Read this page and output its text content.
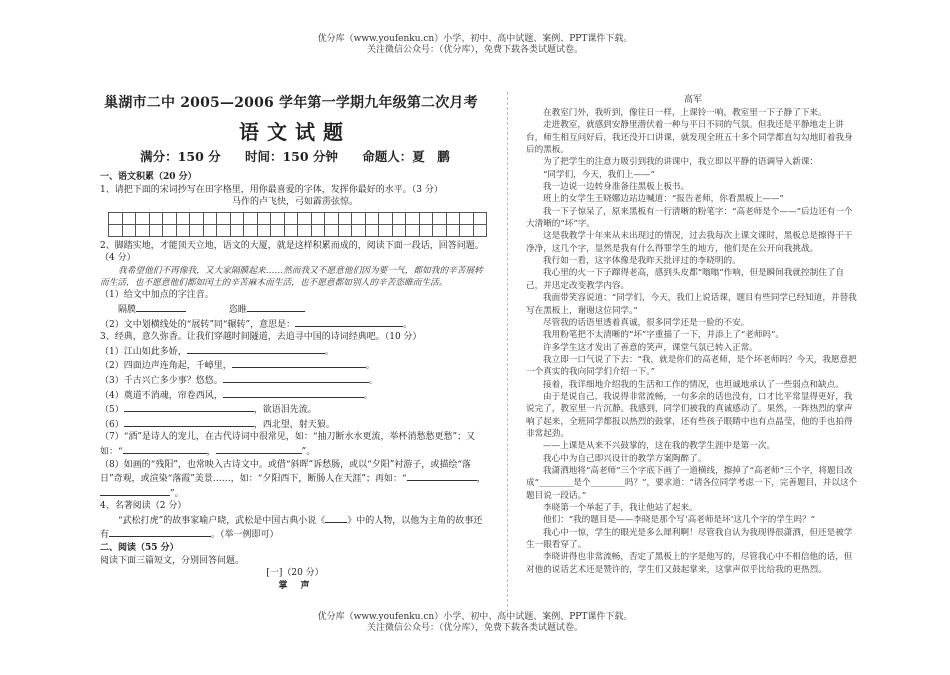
优分库（www.youfenku.cn）小学、初中、高中试题、案例、PPT课件下载。
关注微信公众号：（优分库），免费下载各类试题试卷。
巢湖市二中 2005—2006 学年第一学期九年级第二次月考
语文试题
满分：150 分 时间：150 分钟 命题人：夏　鹏

一、语文积累（20 分）

1、请把下面的宋词抄写在田字格里，用你最喜爱的字体，发挥你最好的水平。（3 分）

马作的卢飞快，弓如霹雳弦惊。

2、脚踏实地，才能顶天立地，语文的大厦，就是这样积累而成的，阅读下面一段话，回答问题。（4 分）

我希望他们不再像我，又大家隔膜起来……然而我又不愿意他们因为要一气，都如我的辛苦展转而生活，也不愿意他们都如闰土的辛苦麻木而生活，也不愿意都如别人的辛苦恣睢而生活。

（1）给文中加点的字注音。

隔膜	恣睢

（2）文中划横线处的“展转”同“辗转”，意思是：	。

3、经典，意久弥香。让我们穿越时间隧道，去追寻中国的诗词经典吧。（10 分）

（1）江山如此多娇，	。

（2）四面边声连角起，千嶂里，	。

（3）千古兴亡多少事？悠悠。	。

（4）奠道不消魂，帘卷西风，	。

（5）	，欲语泪先流。

（6）	，西北望，射天狼。

（7）“酒”是诗人的宠儿，在古代诗词中很常见，如：“抽刀断水水更流，举杯消愁愁更愁”；又如：“	，	”。

（8）如画的“残阳”，也常映入古诗文中。或借“斜晖”诉愁肠，或以“夕阳”衬游子，或描绘“落日”奇观，或渲染“落霞”美景……，如：“夕阳西下，断肠人在天涯”；再如：“	，”。

4、名著阅读（2 分）

“武松打虎”的故事家喻户晓，武松是中国古典小说《 》中的人物，以他为主角的故事还有	。（举一例即可）

二、阅读（55 分）

阅读下面三篇短文，分别回答问题。

[一]（20 分）

掌　声

高军

在教室门外，我听到，像往日一样，上课铃一响，教室里一下子静了下来。

走进教室，就感到安静里潜伏着一种与平日不同的气氛。但我还是平静地走上讲台，师生相互问好后，我还没开口讲课，就发现全班五十多个同学都直勾勾地盯着我身后的黑板。

为了把学生的注意力吸引到我的讲课中，我立即以平静的语调导入新课：

“同学们，今天，我们上——”

我一边说一边转身准备往黑板上板书。

班上的女学生王晓娜边站边喊道：“报告老师，你看黑板上——”

我一下子惊呆了，原来黑板有一行清晰的粉笔字：“高老师是个——”后边还有一个大清晰的“坏”字。

这是我教学十年来从未出现过的情况，过去我每次上课文课时，黑板总是擦得干干净净，这几个字，显然是我有什么得罪学生的地方，他们是在公开向我挑战。

我行如一看，这字体像是我昨天批评过的李晓明的。

我心里的火一下子蹿得老高，感到头皮都“嗡嗡”作响，但是瞬间我就控制住了自己，并迅定改变教学内容。

我面带笑容说道：“同学们，今天，我们上说话课，题目有些同学已经知道，并替我写在黑板上，谢谢这位同学。”

尽管我的话语里透着真诚，很多同学还是一脸的不安。

我用粉笔把不太清晰的“坏”字重描了一下，并添上了“老师吗”。

许多学生这才发出了善意的笑声，课堂气氛已转入正常。

我立即一口气说了下去：“我，就是你们的高老师，是个坏老师吗？今天，我愿意把一个真实的我向同学们介绍一下。”

接着，我详细地介绍我的生活和工作的情况，也坦诚地承认了一些弱点和缺点。

由于是说自己，我说得非常流畅，一句多余的话也没有，口才比平常显得更好，我说完了，教室里一片沉静。我感到，同学们被我的真诚感动了。果然，一阵热烈的掌声响了起来，全班同学都报以热烈的鼓掌，还有些孩子眼睛中也有点晶莹，他的手也拍得非常起劲。

——上课是从来不兴鼓掌的，这在我的教学生涯中是第一次。

我心中为自己即兴设计的教学方案陶醉了。

我潇洒地将“高老师”三个字底下画了一道横线，擦掉了“高老师”三个字，将题目改成“________是个________吗？”，要求道：“请各位同学考虑一下，完善题目，并以这个题目说一段话。”

李晓第一个举起了手，我让他站了起来。

他们：“我的题目是——李晓是那个写‘高老师是坏’这几个字的学生吗？”

我心中一惊，学生的眼光是多么犀利啊！尽管我自认为我现得很潇洒，但还是被学生一眼看穿了。

李晓讲得也非常流畅，否定了黑板上的字是他写的，尽管我心中不相信他的话，但对他的说话艺术还是赞许的，学生们又鼓起掌来，这掌声似乎比给我的更热烈。

优分库（www.youfenku.cn）小学、初中、高中试题、案例、PPT课件下载。
关注微信公众号：（优分库），免费下载各类试题试卷。
